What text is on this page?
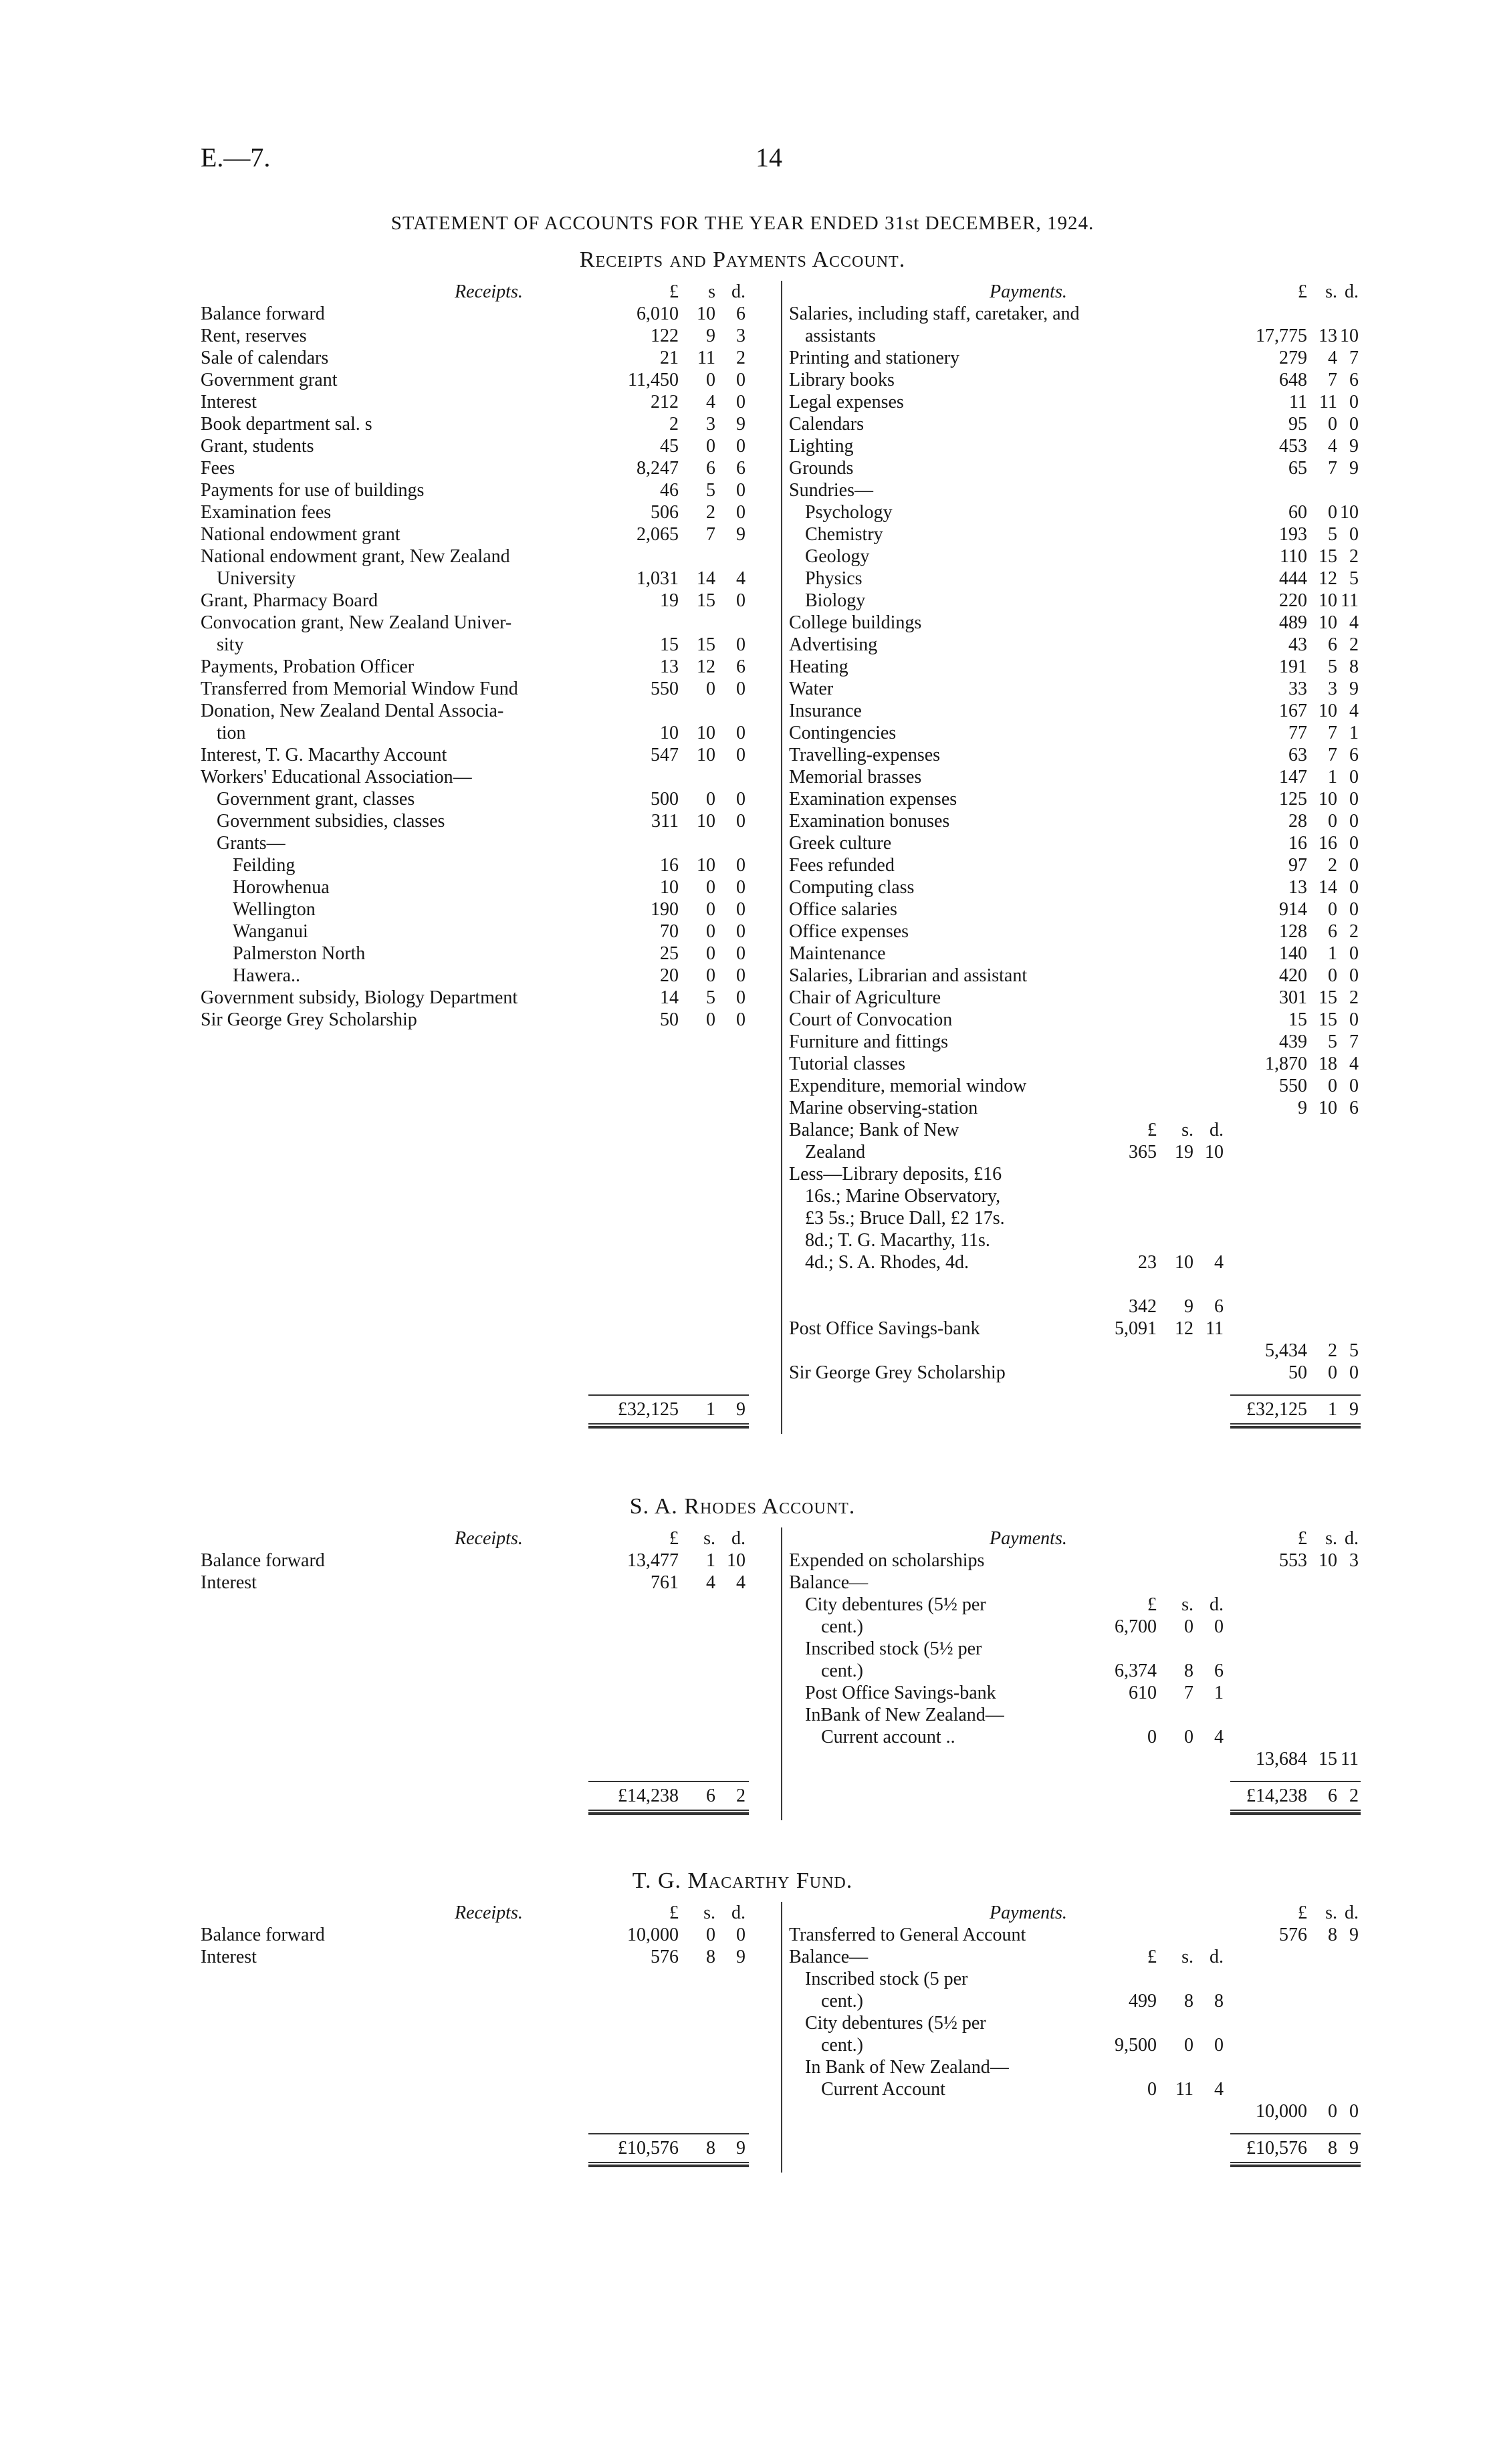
E.—7.	14
STATEMENT OF ACCOUNTS FOR THE YEAR ENDED 31st DECEMBER, 1924.
Receipts and Payments Account.
Receipts.	£	s d.
Balance forward	6,010 10	6
Rent, reserves	122	9	3
Sale of calendars	21	11	2
Government grant	11,450	0	0
Interest	212	4	0
Book department sal. s	2	3	9
Grant, students	45	0	0
Fees	8,247	6	6
Payments for use of buildings	46	5	0
Examination fees	506	2	0
National endowment grant	2,065	7	9
National endowment grant, New Zealand
University	1,031 14	4
Grant, Pharmacy Board	19 15	0
Convocation grant, New Zealand Univer-
sity	15 15	0
Payments, Probation Officer	13 12	6
Transferred from Memorial Window Fund	550	0	0
Donation, New Zealand Dental Associa-
tion	10 10	0
Interest, T. G. Macarthy Account	547 10	0
Workers' Educational Association—
Government grant, classes	500	0	0
Government subsidies, classes	311 10	0
Grants—
Feilding	16 10	0
Horowhenua	10	0	0
Wellington	190	0	0
Wanganui	70	0	0
Palmerston North	25	0	0
Hawera..	20	0	0
Government subsidy, Biology Department	14	5	0
Sir George Grey Scholarship	50	0	0
£32,125	1	9
Payments.	£ s. d.
Salaries, including staff, caretaker, and
assistants	17,775 13 10
Printing and stationery	279	4 7
Library books	648	7 6
Legal expenses	11 11 0
Calendars	95	0 0
Lighting	453	4 9
Grounds	65	7 9
Sundries—
Psychology	60	0 10
Chemistry	193	5 0
Geology	110 15 2
Physics	444 12 5
Biology	220 10 11
College buildings	489 10 4
Advertising	43	6 2
Heating	191	5 8
Water	33	3 9
Insurance	167 10 4
Contingencies	77	7 1
Travelling-expenses	63	7 6
Memorial brasses	147	1 0
Examination expenses	125 10 0
Examination bonuses	28	0 0
Greek culture	16 16 0
Fees refunded	97	2 0
Computing class	13 14 0
Office salaries	914	0 0
Office expenses	128	6 2
Maintenance	140	1 0
Salaries, Librarian and assistant	420	0 0
Chair of Agriculture	301 15 2
Court of Convocation	15 15 0
Furniture and fittings	439	5 7
Tutorial classes	1,870 18 4
Expenditure, memorial window	550	0 0
Marine observing-station	9 10 6
Balance; Bank of New	£	s. d.
Zealand	365 19 10
Less—Library deposits, £16
16s.; Marine Observatory,
£3 5s.; Bruce Dall, £2 17s.
8d.; T. G. Macarthy, 11s.
4d.; S. A. Rhodes, 4d.	23 10	4
342	9	6
Post Office Savings-bank	5,091 12 11
5,434	2 5
Sir George Grey Scholarship	50	0 0
£32,125	1 9
S. A. Rhodes Account.
Receipts.	£	s. d.
Balance forward	13,477	1 10
Interest	761	4	4
£14,238	6	2
Payments.	£ s. d.
Expended on scholarships	553 10 3
Balance—
City debentures (5½ per	£	s. d.
cent.)	6,700	0	0
Inscribed stock (5½ per
cent.)	6,374	8	6
Post Office Savings-bank	610	7	1
InBank of New Zealand—
Current account ..	0	0	4
13,684 15 11
£14,238	6 2
T. G. Macarthy Fund.
Receipts.	£	s. d.
Balance forward	10,000	0	0
Interest	576	8	9
£10,576	8	9
Payments.	£ s. d.
Transferred to General Account	576	8 9
Balance—	£	s. d.
Inscribed stock (5 per
cent.)	499	8	8
City debentures (5½ per
cent.)	9,500	0	0
In Bank of New Zealand—
Current Account	0	11	4
10,000	0 0
£10,576	8 9
